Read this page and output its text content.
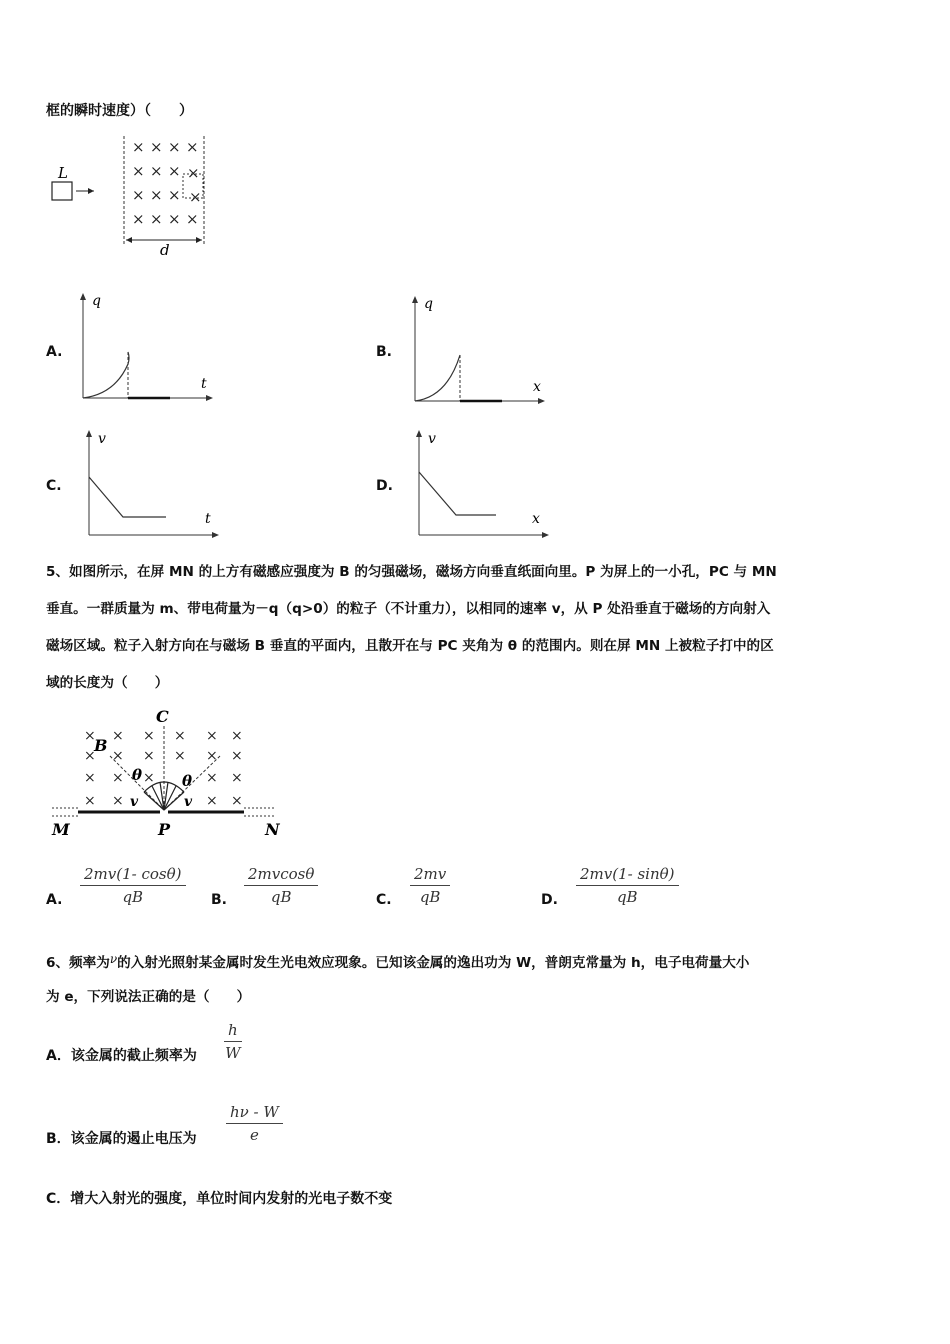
框的瞬时速度）（　　）
L
× × × ×
× × ×
× × ×
× × × ×
×
×
d
A.
q
t
B.
q
x
C.
v
t
D.
v
x
5、如图所示，在屏 MN 的上方有磁感应强度为 B 的匀强磁场，磁场方向垂直纸面向里。P 为屏上的一小孔，PC 与 MN
垂直。一群质量为 m、带电荷量为－q（q>0）的粒子（不计重力），以相同的速率 v，从 P 处沿垂直于磁场的方向射入
磁场区域。粒子入射方向在与磁场 B 垂直的平面内，且散开在与 PC 夹角为 θ 的范围内。则在屏 MN 上被粒子打中的区
域的长度为（　　）
× × × × × ×
× × × × × ×
× × ×	× ×
× ×	× ×
C
B
θ	θ
v	v
M	P	N
A. $\frac{2mv(1- \cos\theta)}{qB} B$. $\frac{2mvcos\theta}{qB}$	C. $\frac{2mv}{qB}$	D. $\frac{2mv(1- \sin\theta)}{qB}$
6、频率为ν的入射光照射某金属时发生光电效应现象。已知该金属的逸出功为 W，普朗克常量为 h，电子电荷量大小
为 e，下列说法正确的是（　　）
A．该金属的截止频率为 $\frac{h}{W}$
B．该金属的遏止电压为 $\frac{h\nu - W}{e}$
C．增大入射光的强度，单位时间内发射的光电子数不变
